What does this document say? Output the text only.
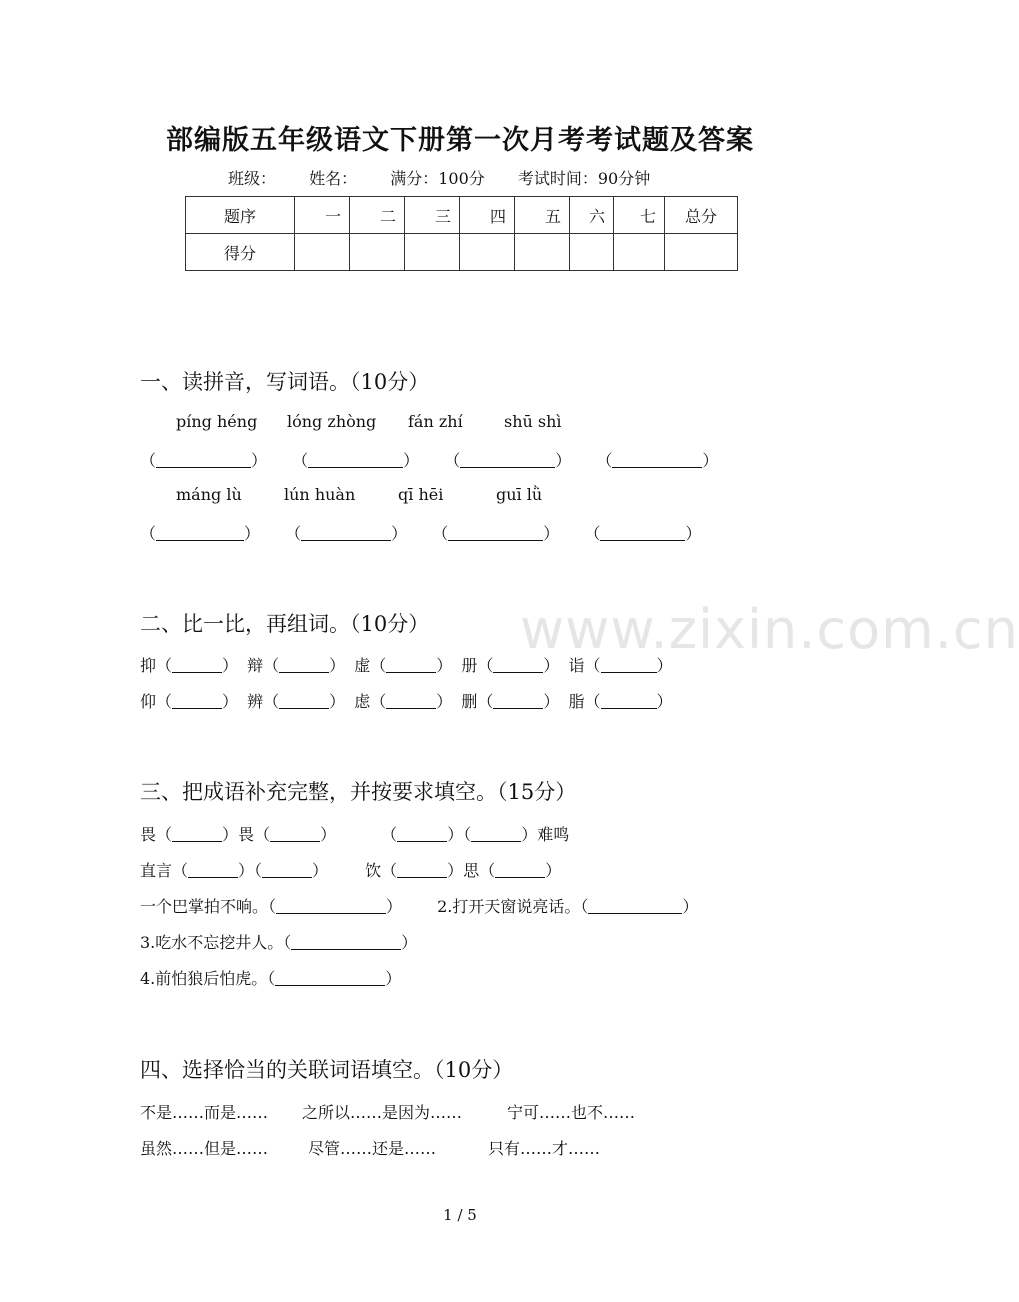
部编版五年级语文下册第一次月考考试题及答案
班级： 姓名： 满分：100分 考试时间：90分钟
题序	一	二	三	四	五	六	七	总分
得分								
一、读拼音，写词语。（10分）
píng héng lóng zhòng fán zhí	shū shì
（	） （	） （	） （	）
máng lù	lún huàn	qī hēi	guī lǜ
（	） （	） （	） （	）
www.zixin.com.cn
二、比一比，再组词。（10分）
抑（	） 辩（	） 虚（	） 册（	） 诣（	）
仰（	） 辨（	） 虑（	） 删（	） 脂（	）
三、把成语补充完整，并按要求填空。（15分）
畏（	）畏（	）	（	）（	）难鸣
直言（	）（	） 饮（	）思（	）
一个巴掌拍不响。（	） 2.打开天窗说亮话。（	）
3.吃水不忘挖井人。（	）
4.前怕狼后怕虎。（	）
四、选择恰当的关联词语填空。（10分）
不是……而是…… 之所以……是因为……	宁可……也不……
虽然……但是…… 尽管……还是……	只有……才……
1 / 5
